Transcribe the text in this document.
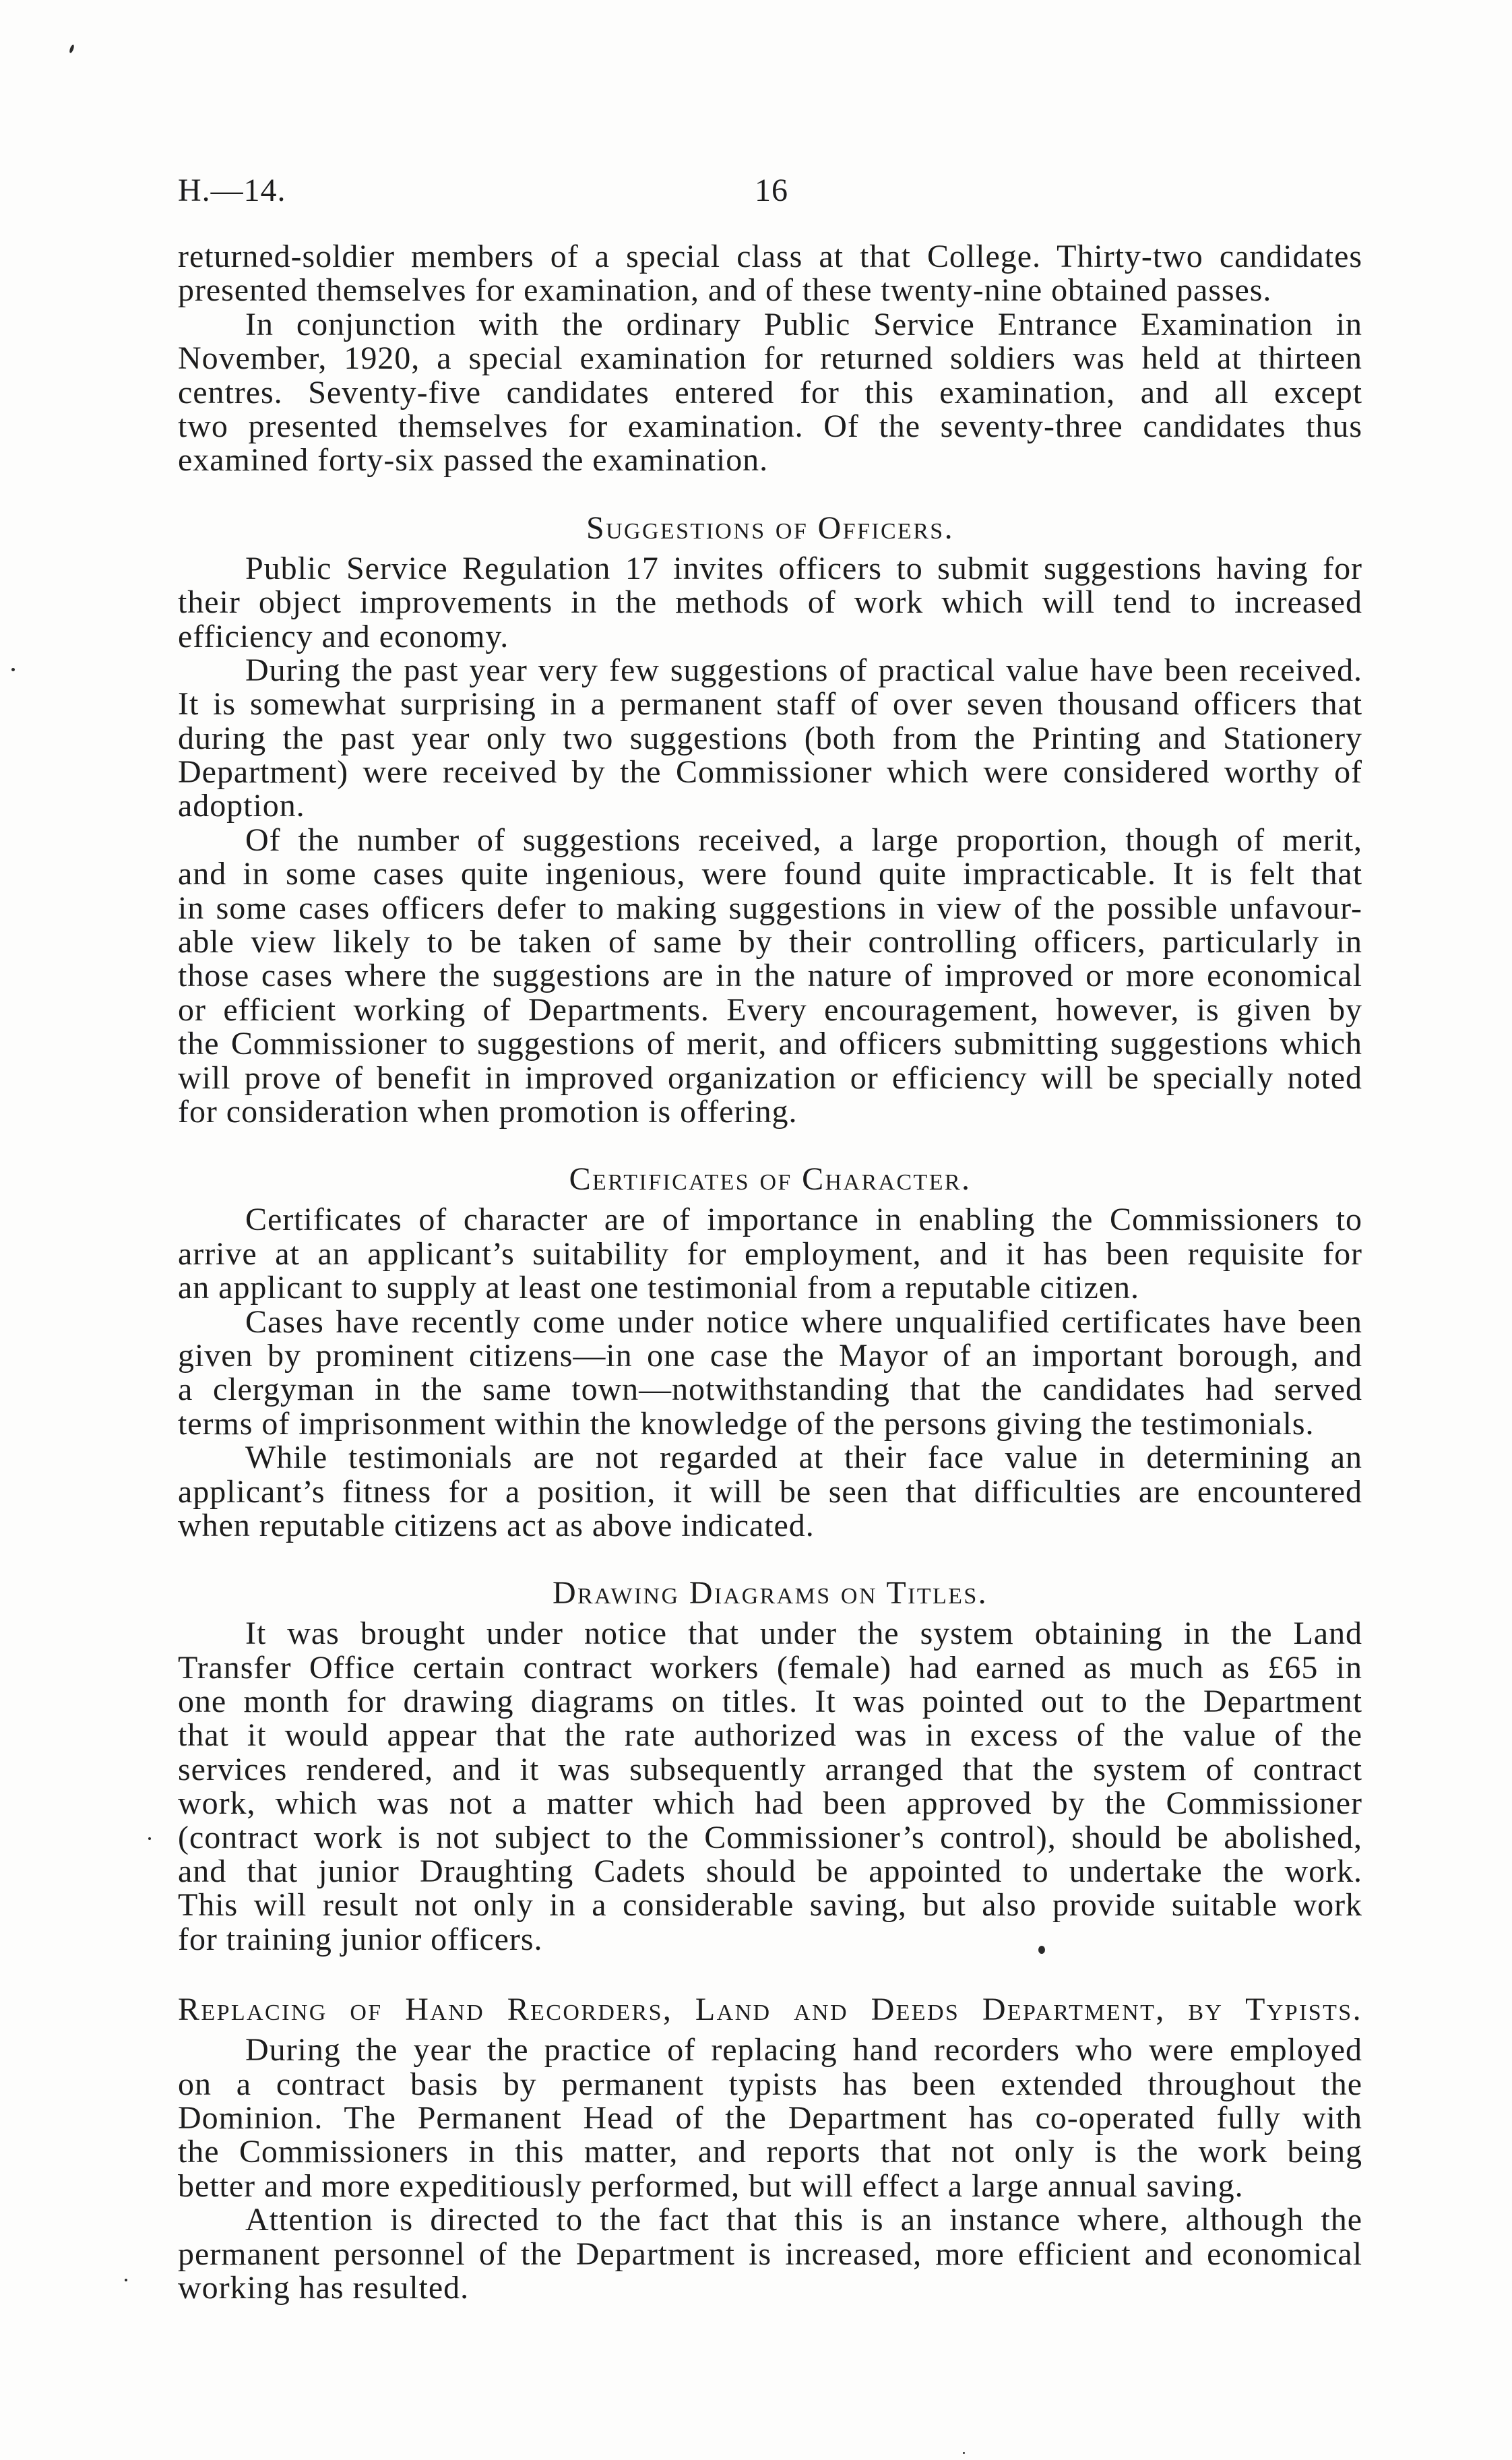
H.—14.	16
returned-soldier members of a special class at that College. Thirty-two candidates
presented themselves for examination, and of these twenty-nine obtained passes.
In conjunction with the ordinary Public Service Entrance Examination in
November, 1920, a special examination for returned soldiers was held at thirteen
centres. Seventy-five candidates entered for this examination, and all except
two presented themselves for examination. Of the seventy-three candidates thus
examined forty-six passed the examination.
Suggestions of Officers.
Public Service Regulation 17 invites officers to submit suggestions having for
their object improvements in the methods of work which will tend to increased
efficiency and economy.
During the past year very few suggestions of practical value have been received.
It is somewhat surprising in a permanent staff of over seven thousand officers that
during the past year only two suggestions (both from the Printing and Stationery
Department) were received by the Commissioner which were considered worthy of
adoption.
Of the number of suggestions received, a large proportion, though of merit,
and in some cases quite ingenious, were found quite impracticable. It is felt that
in some cases officers defer to making suggestions in view of the possible unfavour-
able view likely to be taken of same by their controlling officers, particularly in
those cases where the suggestions are in the nature of improved or more economical
or efficient working of Departments. Every encouragement, however, is given by
the Commissioner to suggestions of merit, and officers submitting suggestions which
will prove of benefit in improved organization or efficiency will be specially noted
for consideration when promotion is offering.
Certificates of Character.
Certificates of character are of importance in enabling the Commissioners to
arrive at an applicant’s suitability for employment, and it has been requisite for
an applicant to supply at least one testimonial from a reputable citizen.
Cases have recently come under notice where unqualified certificates have been
given by prominent citizens—in one case the Mayor of an important borough, and
a clergyman in the same town—notwithstanding that the candidates had served
terms of imprisonment within the knowledge of the persons giving the testimonials.
While testimonials are not regarded at their face value in determining an
applicant’s fitness for a position, it will be seen that difficulties are encountered
when reputable citizens act as above indicated.
Drawing Diagrams on Titles.
It was brought under notice that under the system obtaining in the Land
Transfer Office certain contract workers (female) had earned as much as £65 in
one month for drawing diagrams on titles. It was pointed out to the Department
that it would appear that the rate authorized was in excess of the value of the
services rendered, and it was subsequently arranged that the system of contract
work, which was not a matter which had been approved by the Commissioner
(contract work is not subject to the Commissioner’s control), should be abolished,
and that junior Draughting Cadets should be appointed to undertake the work.
This will result not only in a considerable saving, but also provide suitable work
for training junior officers.
Replacing of Hand Recorders, Land and Deeds Department, by Typists.
During the year the practice of replacing hand recorders who were employed
on a contract basis by permanent typists has been extended throughout the
Dominion. The Permanent Head of the Department has co-operated fully with
the Commissioners in this matter, and reports that not only is the work being
better and more expeditiously performed, but will effect a large annual saving.
Attention is directed to the fact that this is an instance where, although the
permanent personnel of the Department is increased, more efficient and economical
working has resulted.
